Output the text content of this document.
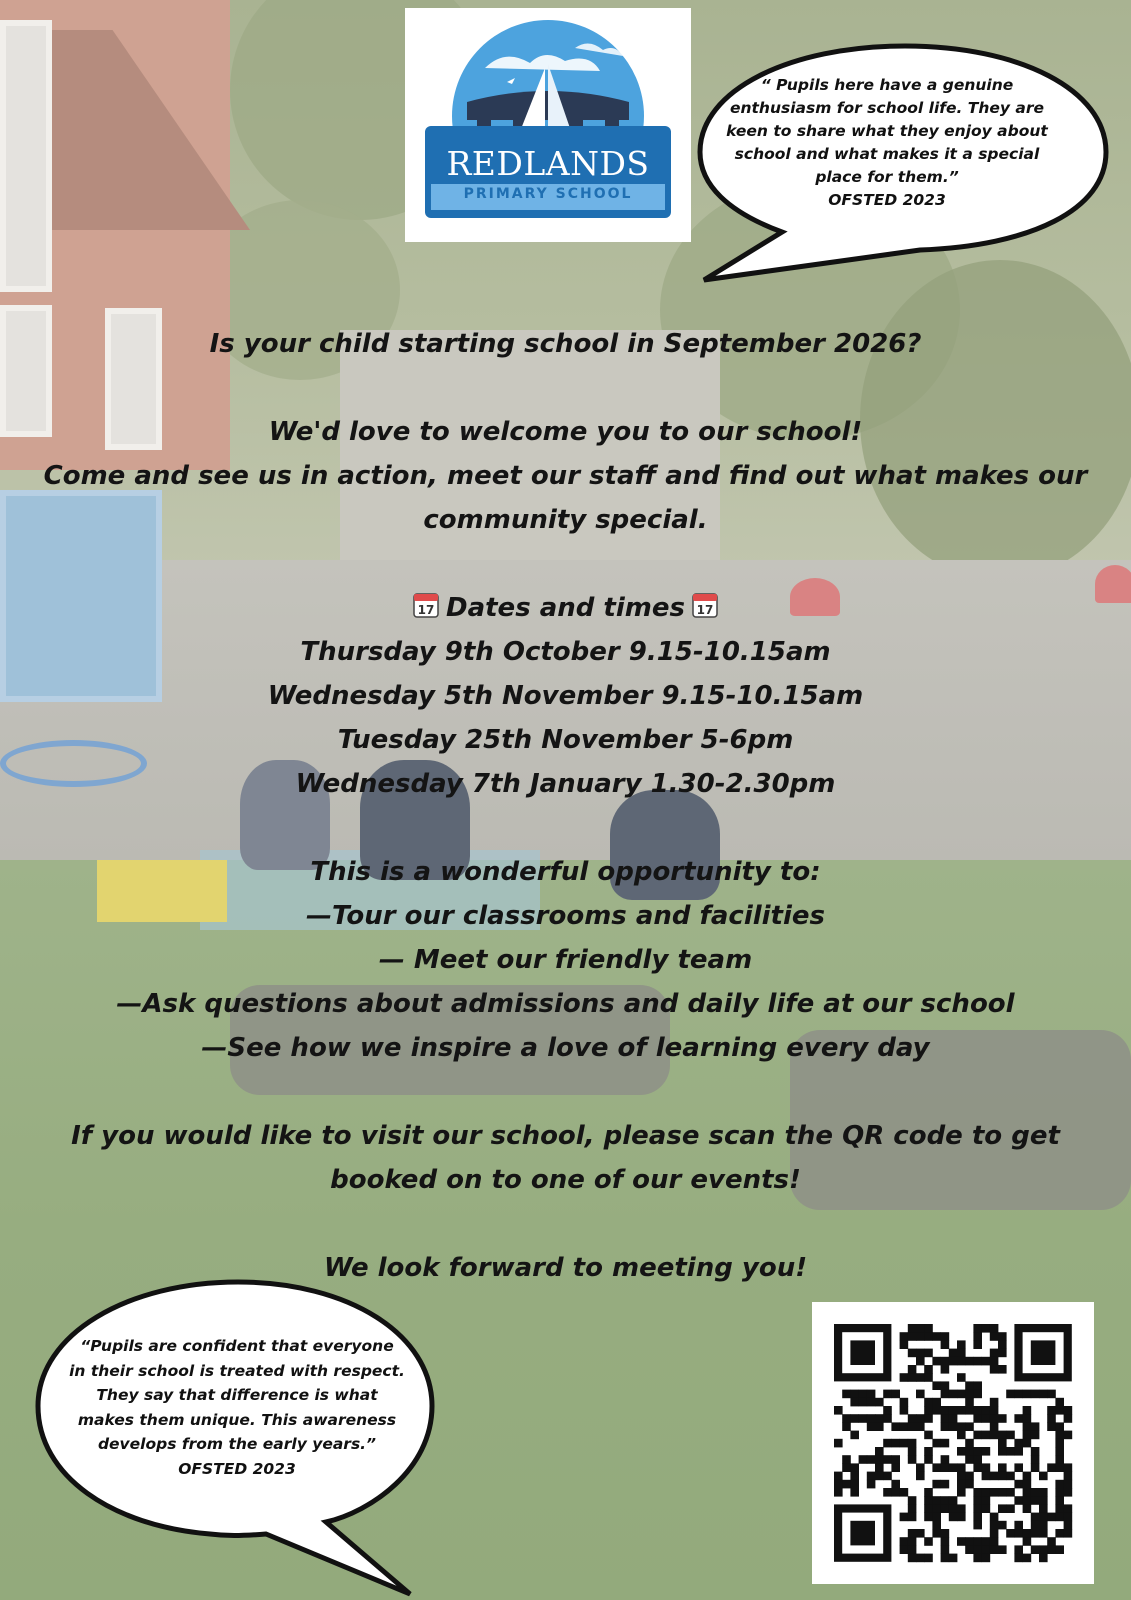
REDLANDS
PRIMARY SCHOOL
“ Pupils here have a genuine
enthusiasm for school life. They are
keen to share what they enjoy about
school and what makes it a special
place for them.”
OFSTED 2023
Is your child starting school in September 2026?
We'd love to welcome you to our school!
Come and see us in action, meet our staff and find out what makes our
community special.
17 Dates and times 17
Thursday 9th October 9.15-10.15am
Wednesday 5th November 9.15-10.15am
Tuesday 25th November 5-6pm
Wednesday 7th January 1.30-2.30pm
This is a wonderful opportunity to:
—Tour our classrooms and facilities
— Meet our friendly team
—Ask questions about admissions and daily life at our school
—See how we inspire a love of learning every day
If you would like to visit our school, please scan the QR code to get
booked on to one of our events!
We look forward to meeting you!
“Pupils are confident that everyone
in their school is treated with respect.
They say that difference is what
makes them unique. This awareness
develops from the early years.”
OFSTED 2023
